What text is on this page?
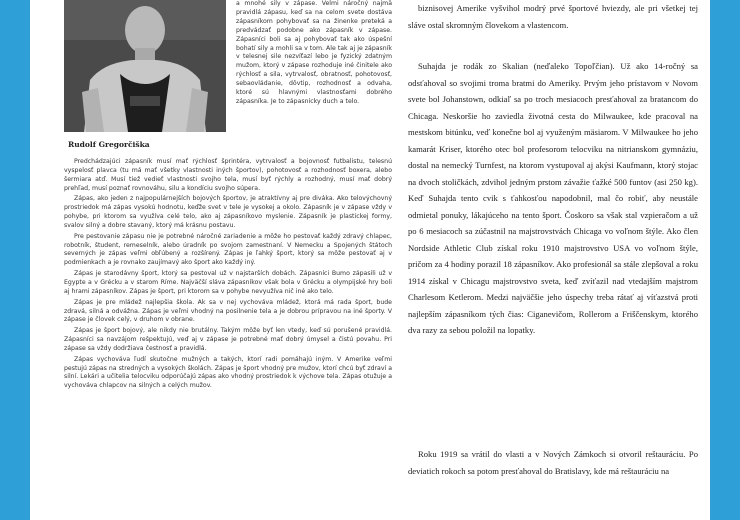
Rudolf Gregorčiška

a mnohé sily v zápase. Velmi náročný najmä pravidlá zápasu, keď sa na celom svete dostáva zápasníkom pohybovať sa na žinenke preteká a predvádzať podobne ako zápasník v zápase. Zápasníci boli sa aj pohybovať tak ako úspešní bohatí sily a mohli sa v tom. Ale tak aj je zápasník v telesnej sile nezvíťazí lebo je fyzický zdatným mužom, ktorý v zápase rozhoduje iné činitele ako rýchlosť a sila, vytrvalosť, obratnosť, pohotovosť, sebaovládanie, dôvtip, rozhodnosť a odvaha, ktoré sú hlavnými vlastnosťami dobrého zápasníka. Je to zápasnícky duch a telo.

Predchádzajúci zápasník musí mať rýchlosť šprintéra, vytrvalosť a bojovnosť futbalistu, telesnú vyspelosť plavca (tu má mať všetky vlastnosti iných športov), pohotovosť a rozhodnosť boxera, alebo šermiara atď. Musí tiež vedieť vlastnosti svojho tela, musí byť rýchly a rozhodný, musí mať dobrý prehľad, musí poznať rovnováhu, silu a kondíciu svojho súpera.

Zápas, ako jeden z najpopulárnejších bojových športov, je atraktívny aj pre diváka. Ako telovýchovný prostriedok má zápas vysokú hodnotu, keďže svet v tele je vysokej a okolo. Zápasník je v zápase vždy v pohybe, pri ktorom sa využíva celé telo, ako aj zápasníkovo myslenie. Zápasník je plastickej formy, svalov silný a dobre stavaný, ktorý má krásnu postavu.

Pre pestovanie zápasu nie je potrebné náročné zariadenie a môže ho pestovať každý zdravý chlapec, robotník, študent, remeselník, alebo úradník po svojom zamestnaní. V Nemecku a Spojených štátoch severných je zápas veľmi obľúbený a rozšírený. Zápas je ľahký šport, ktorý sa môže pestovať aj v podmienkach a je rovnako zaujímavý ako šport ako každý iný.

Zápas je starodávny šport, ktorý sa pestoval už v najstarších dobách. Zápasníci Bumo zápasili už v Egypte a v Grécku a v starom Ríme. Najväčší sláva zápasníkov však bola v Grécku a olympijské hry boli aj hrami zápasníkov. Zápas je šport, pri ktorom sa v pohybe nevyužíva nič iné ako telo.

Zápas je pre mládež najlepšia škola. Ak sa v nej vychováva mládež, ktorá má rada šport, bude zdravá, silná a odvážna. Zápas je veľmi vhodný na posilnenie tela a je dobrou prípravou na iné športy. V zápase je človek celý, v druhom v obrane.

Zápas je šport bojový, ale nikdy nie brutálny. Takým môže byť len vtedy, keď sú porušené pravidlá. Zápasníci sa navzájom rešpektujú, veď aj v zápase je potrebné mať dobrý úmysel a čistú povahu. Pri zápase sa vždy dodržiava čestnosť a pravidlá.

Zápas vychováva ľudí skutočne mužných a takých, ktorí radi pomáhajú iným. V Amerike veľmi pestujú zápas na stredných a vysokých školách. Zápas je šport vhodný pre mužov, ktorí chcú byť zdraví a silní. Lekári a učitelia telocviku odporúčajú zápas ako vhodný prostriedok k výchove tela. Zápas otužuje a vychováva chlapcov na silných a celých mužov.

biznisovej Amerike vyšvihol modrý prvé športové hviezdy, ale pri všetkej tej sláve ostal skromným človekom a vlastencom.

Suhajda je rodák zo Skalian (neďaleko Topoľčian). Už ako 14-ročný sa odsťahoval so svojimi troma bratmi do Ameriky. Prvým jeho prístavom v Novom svete bol Johanstown, odkiaľ sa po troch mesiacoch presťahoval za bratancom do Chicaga. Neskoršie ho zaviedla životná cesta do Milwaukee, kde pracoval na mestskom bitúnku, veď konečne bol aj využeným mäsiarom. V Milwaukee ho jeho kamarát Kriser, ktorého otec bol profesorom telocviku na nitrianskom gymnáziu, dostal na nemecký Turnfest, na ktorom vystupoval aj akýsi Kaufmann, ktorý stojac na dvoch stoličkách, zdvihol jedným prstom závažie ťažké 500 funtov (asi 250 kg). Keď Suhajda tento cvik s ťahkosťou napodobnil, mal čo robiť, aby neustále odmietal ponuky, lákajúceho na tento šport. Čoskoro sa však stal vzpieračom a už po 6 mesiacoch sa zúčastnil na majstrovstvách Chicaga vo voľnom štýle. Ako člen Nordside Athletic Club získal roku 1910 majstrovstvo USA vo voľnom štýle, pričom za 4 hodiny porazil 18 zápasníkov. Ako profesionál sa stále zlepšoval a roku 1914 získal v Chicagu majstrovstvo sveta, keď zvíťazil nad vtedajším majstrom Charlesom Ketlerom. Medzi najväčšie jeho úspechy treba rátať aj víťazstvá proti najlepším zápasníkom tých čias: Ciganevičom, Rollerom a Friščenskym, ktorého dva razy za sebou položil na lopatky.

Roku 1919 sa vrátil do vlasti a v Nových Zámkoch si otvoril reštauráciu. Po deviatich rokoch sa potom presťahoval do Bratislavy, kde má reštauráciu na
